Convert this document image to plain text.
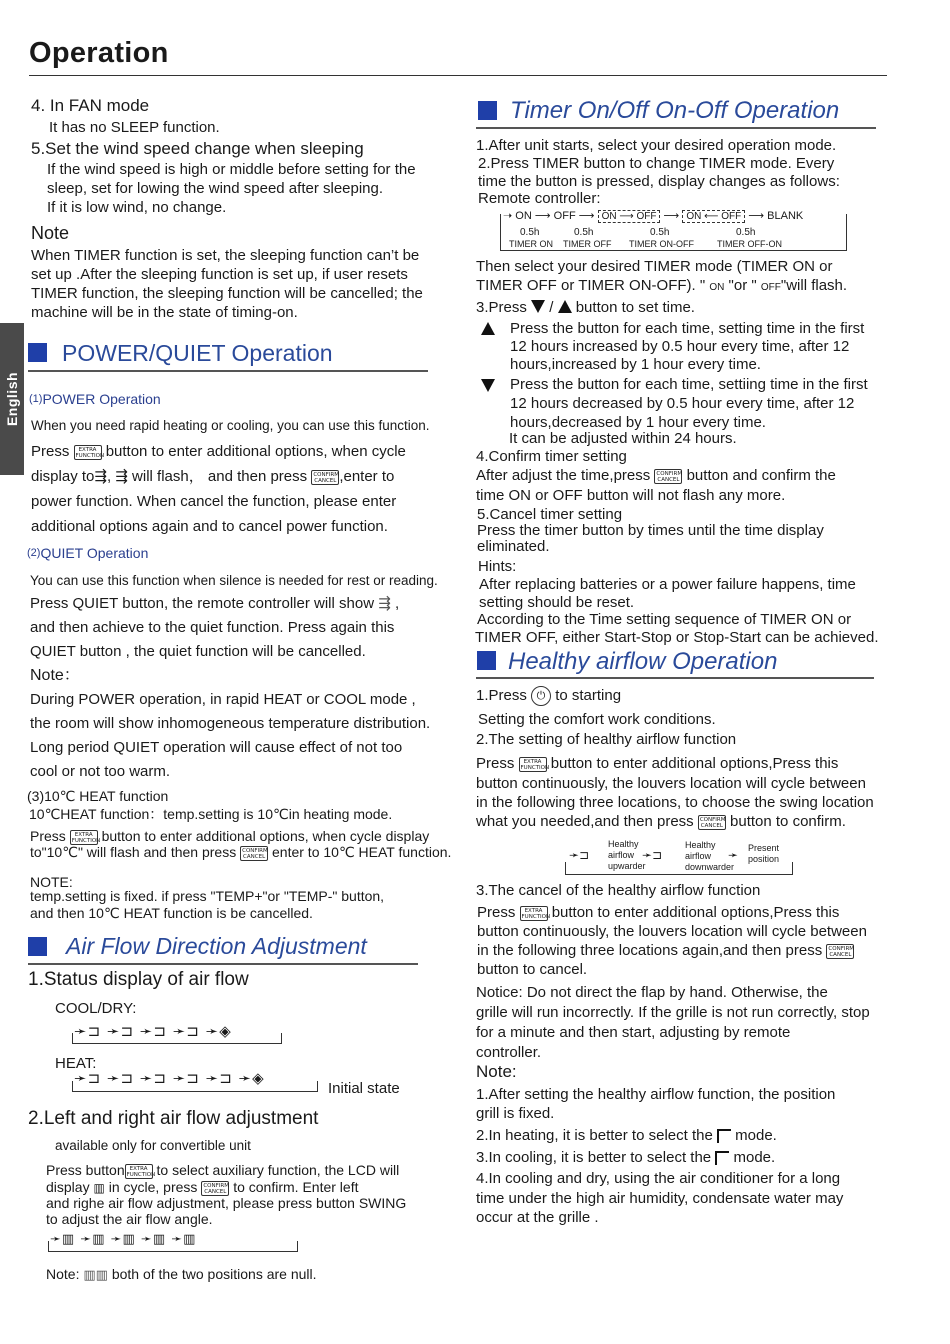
Operation
English
4. In FAN mode
It has no SLEEP function.
5.Set the wind speed change when sleeping
If the wind speed is high or middle before setting for the
sleep, set for lowing the wind speed after sleeping.
If it is low wind, no change.
Note
When TIMER function is set, the sleeping function can’t be
set up .After the sleeping function is set up, if user resets
TIMER function, the sleeping function will be cancelled; the
machine will be in the state of timing-on.
POWER/QUIET Operation
$^{(1)}$POWER Operation
When you need rapid heating or cooling, you can use this function.
Press EXTRA
FUNCTION button to enter additional options, when cycle
display to⇶, ⇶ will flash， and then press CONFIRM
CANCEL ,enter to
power function. When cancel the function, please enter
additional options again and to cancel power function.
$^{(2)}$QUIET Operation
You can use this function when silence is needed for rest or reading.
Press QUIET button, the remote controller will show ⇶ ,
and then achieve to the quiet function. Press again this
QUIET button , the quiet function will be cancelled.
Note：
During POWER operation, in rapid HEAT or COOL mode ,
the room will show inhomogeneous temperature distribution.
Long period QUIET operation will cause effect of not too
cool or not too warm.
(3)10℃ HEAT function
10℃HEAT function：temp.setting is 10℃in heating mode.
Press EXTRA
FUNCTION button to enter additional options, when cycle display
to"10℃" will flash and then press CONFIRM
CANCEL enter to 10℃ HEAT function.
NOTE:
temp.setting is fixed. if press "TEMP+"or "TEMP-" button,
and then 10℃ HEAT function is be cancelled.
Air Flow Direction Adjustment
1.Status display of air flow
COOL/DRY:
➛⊐ ➛⊐ ➛⊐ ➛⊐ ➛◈
HEAT:
➛⊐ ➛⊐ ➛⊐ ➛⊐ ➛⊐ ➛◈
Initial state
2.Left and right air flow adjustment
available only for convertible unit
Press button EXTRA
FUNCTION to select auxiliary function, the LCD will
display ▥ in cycle, press CONFIRM
CANCEL to confirm. Enter left
and righe air flow adjustment, please press button SWING
to adjust the air flow angle.
➛▥ ➛▥ ➛▥ ➛▥ ➛▥
Note: ▥▥ both of the two positions are null.
Timer On/Off On-Off Operation
1.After unit starts, select your desired operation mode.
2.Press TIMER button to change TIMER mode. Every
time the button is pressed, display changes as follows:
Remote controller:
➝ ON ⟶ OFF ⟶ ON ⟶ OFF ⟶ ON ⟵ OFF ⟶ BLANK
0.5h	0.5h	0.5h	0.5h
TIMER ON TIMER OFF TIMER ON-OFF	TIMER OFF-ON
Then select your desired TIMER mode (TIMER ON or
TIMER OFF or TIMER ON-OFF). " ON "or " OFF"will flash.
3.Press / button to set time.
Press the button for each time, setting time in the first
12 hours increased by 0.5 hour every time, after 12
hours,increased by 1 hour every time.
Press the button for each time, settiing time in the first
12 hours decreased by 0.5 hour every time, after 12
hours,decreased by 1 hour every time.
It can be adjusted within 24 hours.
4.Confirm timer setting
After adjust the time,press CONFIRM
CANCEL button and confirm the
time ON or OFF button will not flash any more.
5.Cancel timer setting
Press the timer button by times until the time display
eliminated.
Hints:
After replacing batteries or a power failure happens, time
setting should be reset.
According to the Time setting sequence of TIMER ON or
TIMER OFF, either Start-Stop or Stop-Start can be achieved.
Healthy airflow Operation
1.Press ⏻ to starting
Setting the comfort work conditions.
2.The setting of healthy airflow function
Press EXTRA
FUNCTION button to enter additional options,Press this
button continuously, the louvers location will cycle between
in the following three locations, to choose the swing location
what you needed,and then press CONFIRM
CANCEL button to confirm.
➛⊐
Healthy
airflow
upwarder
➛⊐
Healthy
airflow
downwarder
➛ Present
position
3.The cancel of the healthy airflow function
Press EXTRA
FUNCTION button to enter additional options,Press this
button continuously, the louvers location will cycle between
in the following three locations again,and then press CONFIRM
CANCEL
button to cancel.
Notice: Do not direct the flap by hand. Otherwise, the
grille will run incorrectly. If the grille is not run correctly, stop
for a minute and then start, adjusting by remote
controller.
Note:
1.After setting the healthy airflow function, the position
grill is fixed.
2.In heating, it is better to select the mode.
3.In cooling, it is better to select the mode.
4.In cooling and dry, using the air conditioner for a long
time under the high air humidity, condensate water may
occur at the grille .
